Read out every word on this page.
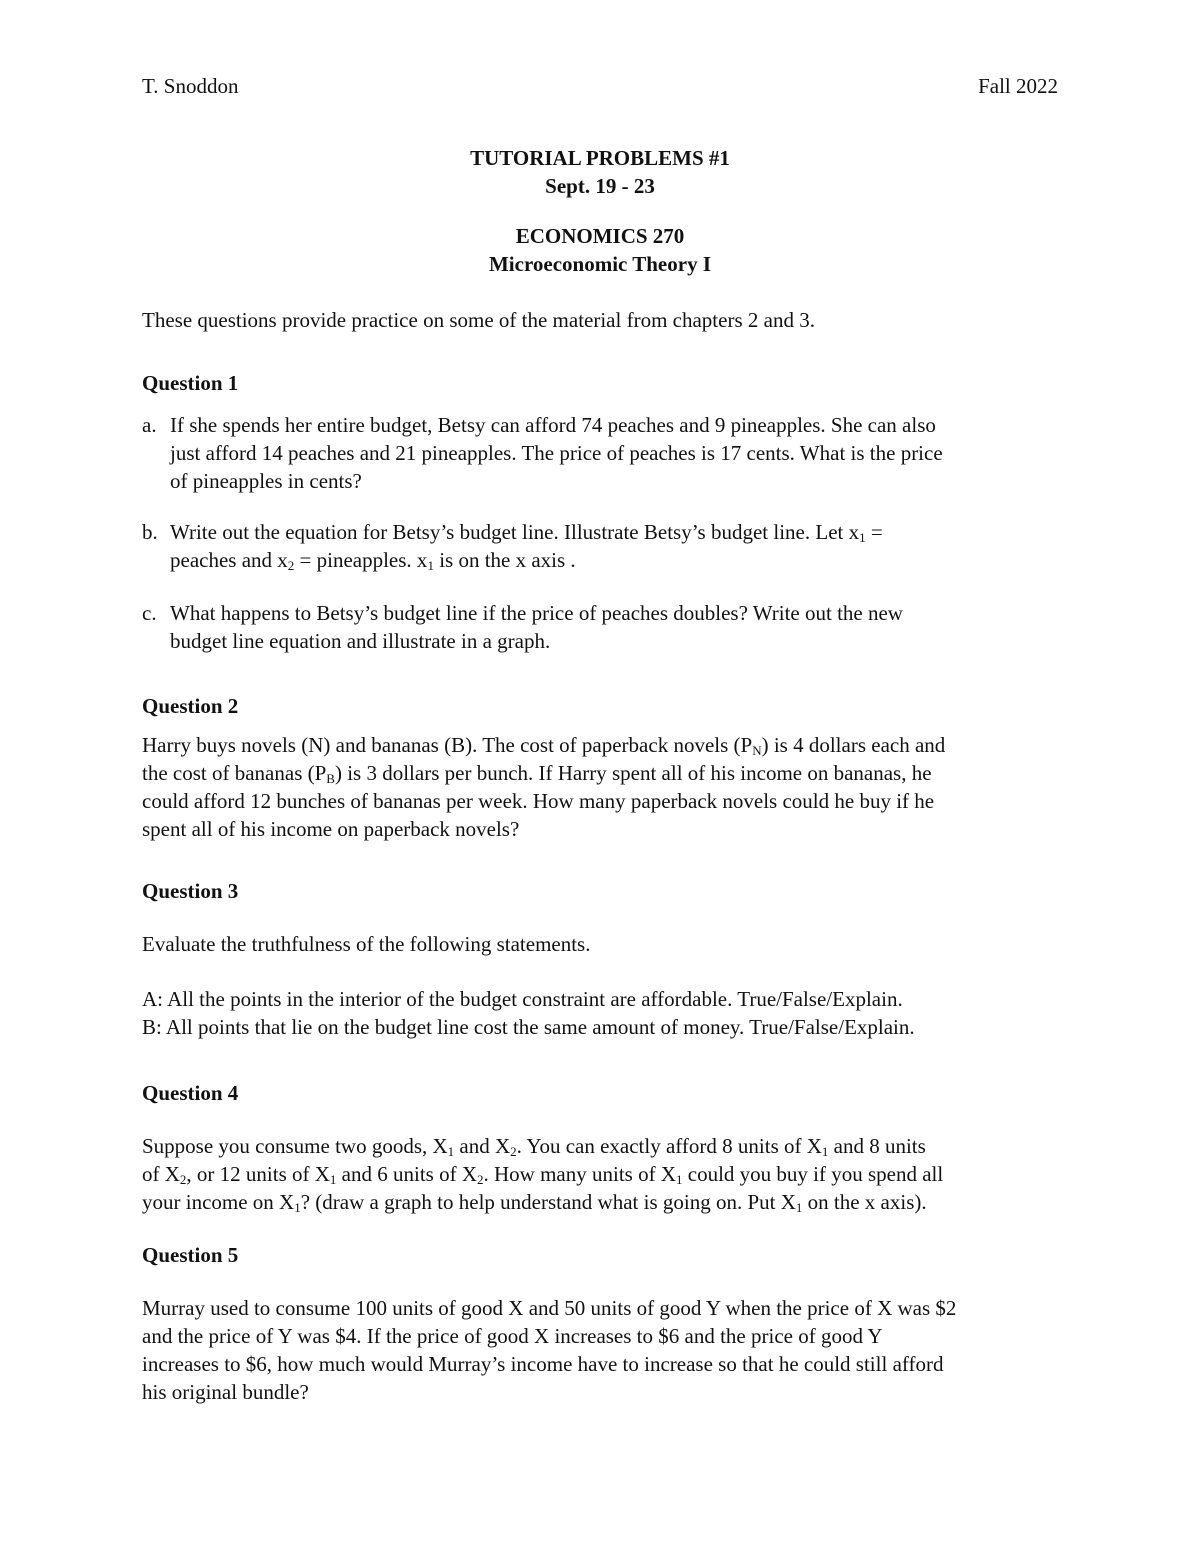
T. Snoddon	Fall 2022
TUTORIAL PROBLEMS #1
Sept. 19 - 23
ECONOMICS 270
Microeconomic Theory I
These questions provide practice on some of the material from chapters 2 and 3.
Question 1
a. If she spends her entire budget, Betsy can afford 74 peaches and 9 pineapples. She can also
just afford 14 peaches and 21 pineapples. The price of peaches is 17 cents. What is the price
of pineapples in cents?
b. Write out the equation for Betsy’s budget line. Illustrate Betsy’s budget line. Let $x_1$ =
peaches and $x_2$ = pineapples. $x_1$ is on the x axis .
c. What happens to Betsy’s budget line if the price of peaches doubles? Write out the new
budget line equation and illustrate in a graph.
Question 2
Harry buys novels (N) and bananas (B). The cost of paperback novels $(P_N)$ is 4 dollars each and
the cost of bananas $(P_B)$ is 3 dollars per bunch. If Harry spent all of his income on bananas, he
could afford 12 bunches of bananas per week. How many paperback novels could he buy if he
spent all of his income on paperback novels?
Question 3
Evaluate the truthfulness of the following statements.
A: All the points in the interior of the budget constraint are affordable. True/False/Explain.
B: All points that lie on the budget line cost the same amount of money. True/False/Explain.
Question 4
Suppose you consume two goods, $X_1$ and $X_2$. You can exactly afford 8 units of $X_1$ and 8 units
of $X_2$, or 12 units of $X_1$ and 6 units of $X_2$. How many units of $X_1$ could you buy if you spend all
your income on $X_1$? (draw a graph to help understand what is going on. Put $X_1$ on the x axis).
Question 5
Murray used to consume 100 units of good X and 50 units of good Y when the price of X was $2
and the price of Y was $4. If the price of good X increases to $6 and the price of good Y
increases to $6, how much would Murray’s income have to increase so that he could still afford
his original bundle?
